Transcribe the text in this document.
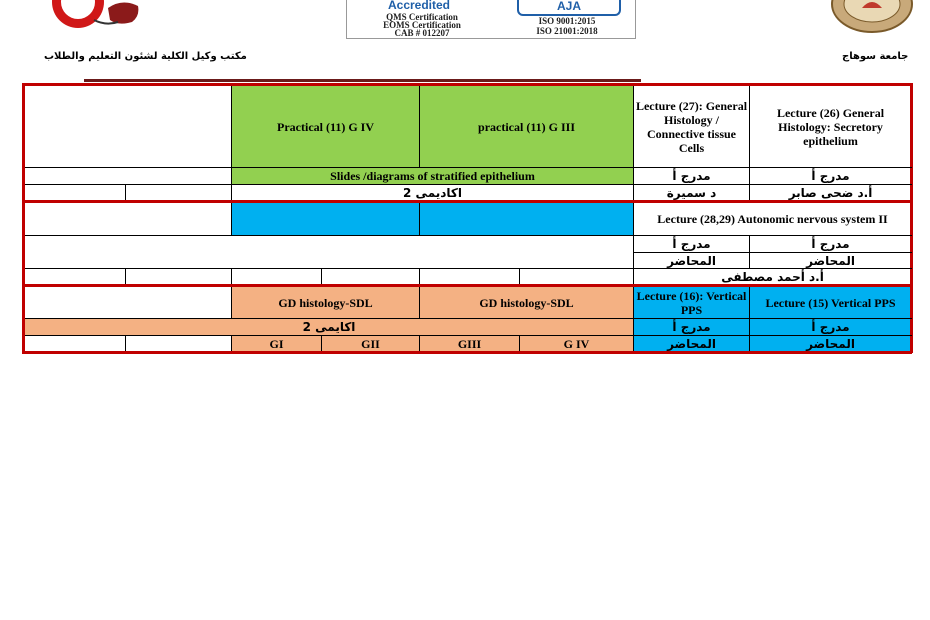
Accredited
QMS Certification
EOMS Certification
CAB # 012207
AJA
ISO 9001:2015
ISO 21001:2018
مكتب وكيل الكلية لشئون التعليم والطلاب	جامعة سوهاج
		Practical (11) G IV		practical (11) G III		Lecture (27): General Histology / Connective tissue Cells	Lecture (26) General Histology: Secretory epithelium	

		Slides /diagrams of stratified epithelium				مدرج أ	مدرج أ	
		اكاديمى 2				د سميرة	أ.د ضحى صابر	
						Lecture (28,29) Autonomic nervous system II	

						مدرج أ	مدرج أ	
						المحاضر	المحاضر	
						أ.د أحمد مصطفى		
		GD histology-SDL		GD histology-SDL		Lecture (16): Vertical PPS	Lecture (15) Vertical PPS	

اكايمى 2						مدرج أ	مدرج أ	
		GI	GII	GIII	G IV	المحاضر	المحاضر	
